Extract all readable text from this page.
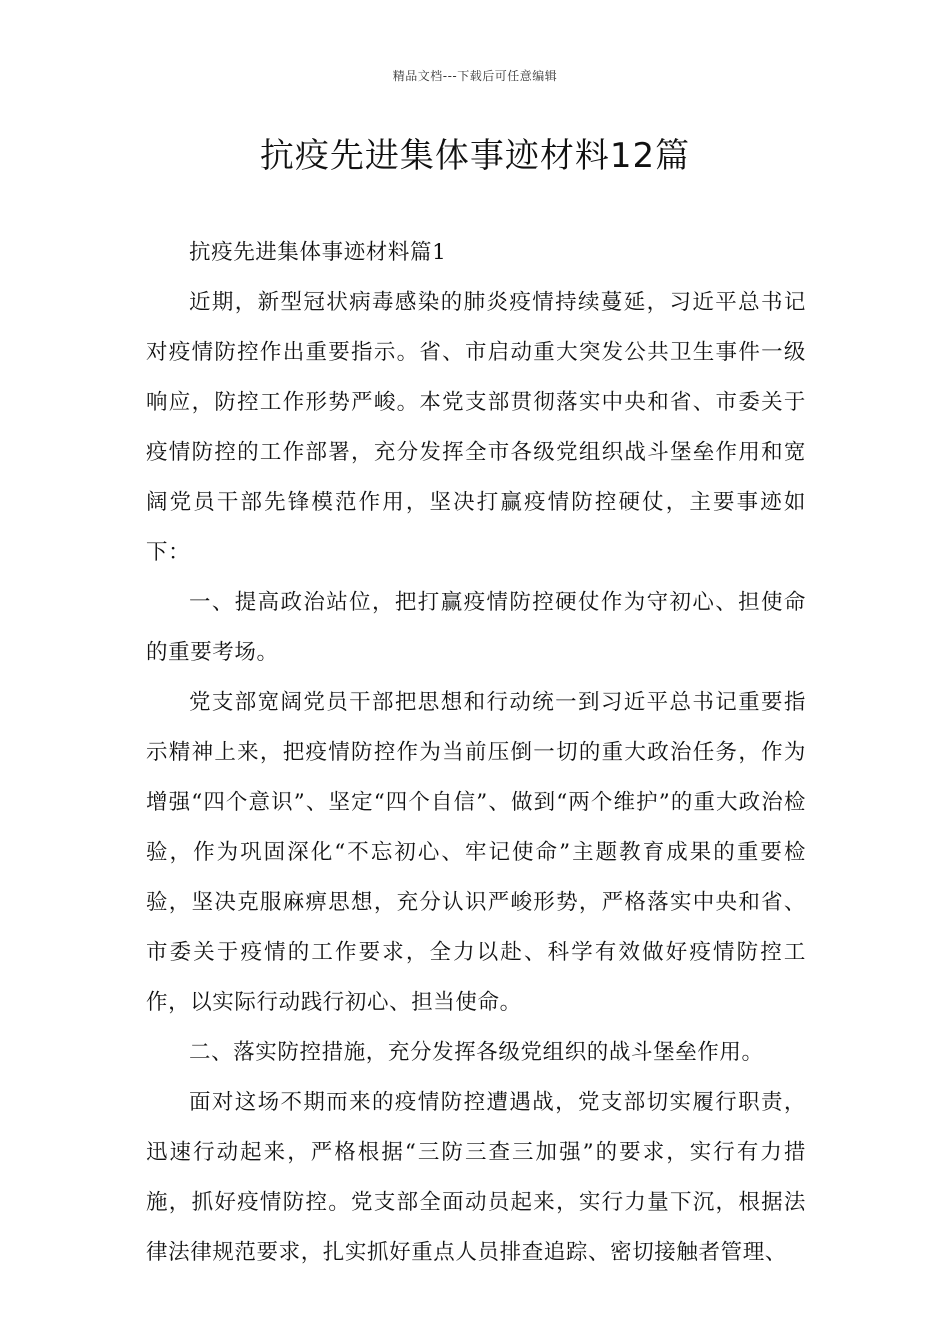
精品文档---下载后可任意编辑
抗疫先进集体事迹材料12篇

抗疫先进集体事迹材料篇1

近期，新型冠状病毒感染的肺炎疫情持续蔓延，习近平总书记对疫情防控作出重要指示。省、市启动重大突发公共卫生事件一级响应，防控工作形势严峻。本党支部贯彻落实中央和省、市委关于疫情防控的工作部署，充分发挥全市各级党组织战斗堡垒作用和宽阔党员干部先锋模范作用，坚决打赢疫情防控硬仗，主要事迹如下：

一、提高政治站位，把打赢疫情防控硬仗作为守初心、担使命的重要考场。

党支部宽阔党员干部把思想和行动统一到习近平总书记重要指示精神上来，把疫情防控作为当前压倒一切的重大政治任务，作为增强“四个意识”、坚定“四个自信”、做到“两个维护”的重大政治检验，作为巩固深化“不忘初心、牢记使命”主题教育成果的重要检验，坚决克服麻痹思想，充分认识严峻形势，严格落实中央和省、市委关于疫情的工作要求，全力以赴、科学有效做好疫情防控工作，以实际行动践行初心、担当使命。

二、落实防控措施，充分发挥各级党组织的战斗堡垒作用。

面对这场不期而来的疫情防控遭遇战，党支部切实履行职责，迅速行动起来，严格根据“三防三查三加强”的要求，实行有力措施，抓好疫情防控。党支部全面动员起来，实行力量下沉，根据法律法律规范要求，扎实抓好重点人员排查追踪、密切接触者管理、
